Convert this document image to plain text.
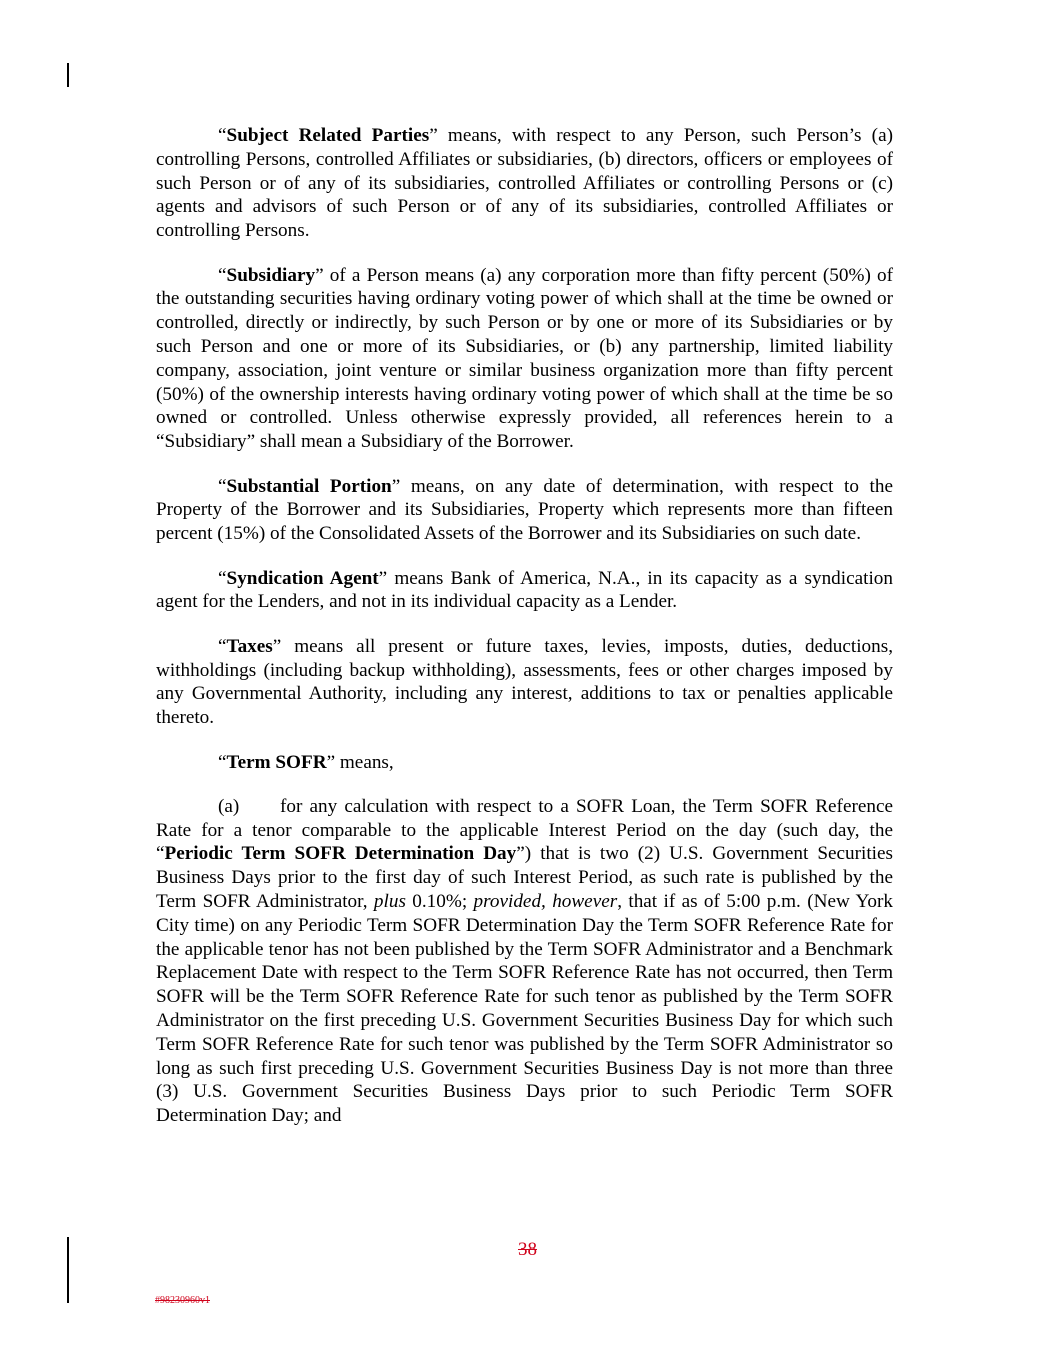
“Subject Related Parties” means, with respect to any Person, such Person’s (a) controlling Persons, controlled Affiliates or subsidiaries, (b) directors, officers or employees of such Person or of any of its subsidiaries, controlled Affiliates or controlling Persons or (c) agents and advisors of such Person or of any of its subsidiaries, controlled Affiliates or controlling Persons.

“Subsidiary” of a Person means (a) any corporation more than fifty percent (50%) of the outstanding securities having ordinary voting power of which shall at the time be owned or controlled, directly or indirectly, by such Person or by one or more of its Subsidiaries or by such Person and one or more of its Subsidiaries, or (b) any partnership, limited liability company, association, joint venture or similar business organization more than fifty percent (50%) of the ownership interests having ordinary voting power of which shall at the time be so owned or controlled. Unless otherwise expressly provided, all references herein to a “Subsidiary” shall mean a Subsidiary of the Borrower.

“Substantial Portion” means, on any date of determination, with respect to the Property of the Borrower and its Subsidiaries, Property which represents more than fifteen percent (15%) of the Consolidated Assets of the Borrower and its Subsidiaries on such date.

“Syndication Agent” means Bank of America, N.A., in its capacity as a syndication agent for the Lenders, and not in its individual capacity as a Lender.

“Taxes” means all present or future taxes, levies, imposts, duties, deductions, withholdings (including backup withholding), assessments, fees or other charges imposed by any Governmental Authority, including any interest, additions to tax or penalties applicable thereto.

“Term SOFR” means,

(a) for any calculation with respect to a SOFR Loan, the Term SOFR Reference Rate for a tenor comparable to the applicable Interest Period on the day (such day, the “Periodic Term SOFR Determination Day”) that is two (2) U.S. Government Securities Business Days prior to the first day of such Interest Period, as such rate is published by the Term SOFR Administrator, plus 0.10%; provided, however, that if as of 5:00 p.m. (New York City time) on any Periodic Term SOFR Determination Day the Term SOFR Reference Rate for the applicable tenor has not been published by the Term SOFR Administrator and a Benchmark Replacement Date with respect to the Term SOFR Reference Rate has not occurred, then Term SOFR will be the Term SOFR Reference Rate for such tenor as published by the Term SOFR Administrator on the first preceding U.S. Government Securities Business Day for which such Term SOFR Reference Rate for such tenor was published by the Term SOFR Administrator so long as such first preceding U.S. Government Securities Business Day is not more than three (3) U.S. Government Securities Business Days prior to such Periodic Term SOFR Determination Day; and

38
#98230960v1
